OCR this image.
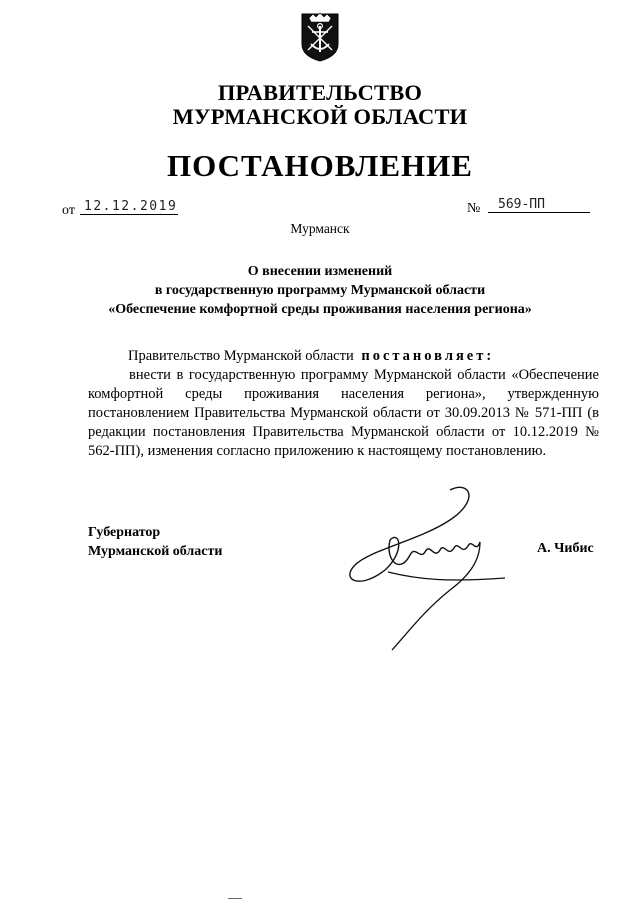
ПРАВИТЕЛЬСТВО
МУРМАНСКОЙ ОБЛАСТИ
ПОСТАНОВЛЕНИЕ
от 12.12.2019	№	569-ПП
Мурманск
О внесении изменений
в государственную программу Мурманской области
«Обеспечение комфортной среды проживания населения региона»
Правительство Мурманской области постановляет:
внести в государственную программу Мурманской области «Обеспечение комфортной среды проживания населения региона», утвержденную постановлением Правительства Мурманской области от 30.09.2013 № 571-ПП (в редакции постановления Правительства Мурманской области от 10.12.2019 № 562-ПП), изменения согласно приложению к настоящему постановлению.
Губернатор
Мурманской области	А. Чибис
